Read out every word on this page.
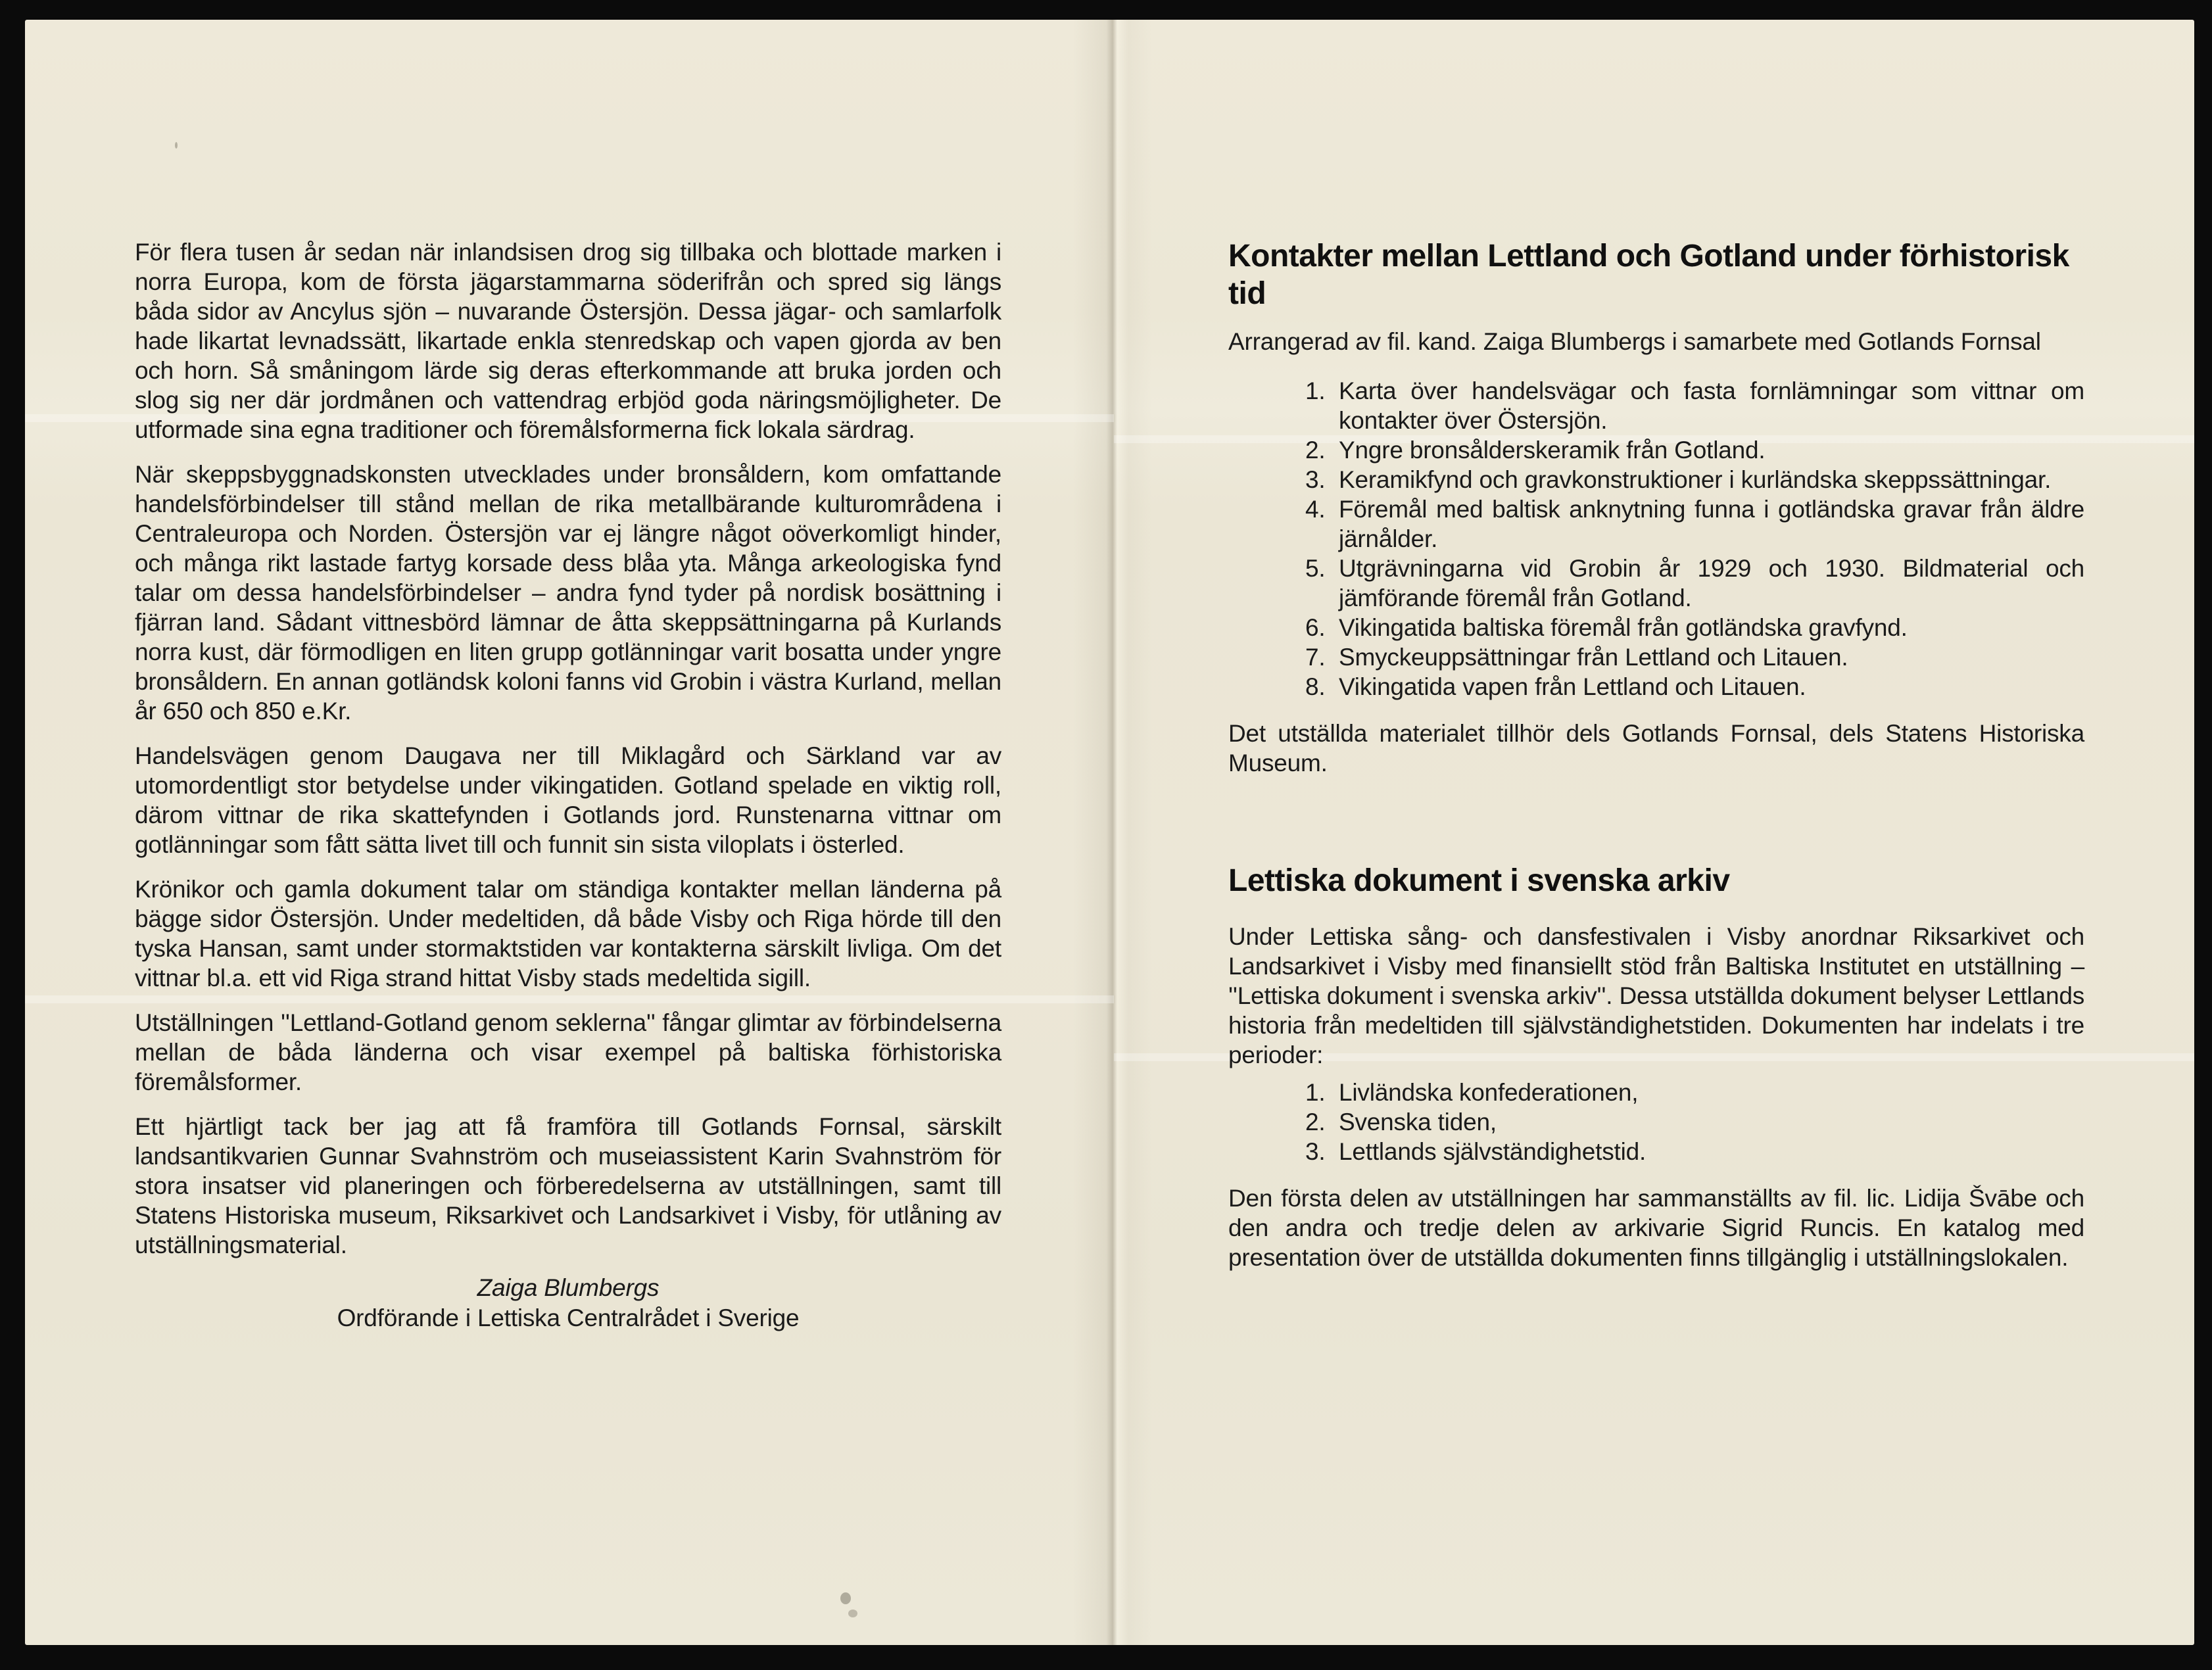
För flera tusen år sedan när inlandsisen drog sig tillbaka och blottade marken i norra Europa, kom de första jägarstammarna söderifrån och spred sig längs båda sidor av Ancylus sjön – nuvarande Östersjön. Dessa jägar- och samlarfolk hade likartat levnadssätt, likartade enkla stenredskap och vapen gjorda av ben och horn. Så småningom lärde sig deras efterkommande att bruka jorden och slog sig ner där jordmånen och vattendrag erbjöd goda näringsmöjligheter. De utformade sina egna traditioner och föremålsformerna fick lokala särdrag.

När skeppsbyggnadskonsten utvecklades under bronsåldern, kom omfattande handelsförbindelser till stånd mellan de rika metallbärande kulturområdena i Centraleuropa och Norden. Östersjön var ej längre något oöverkomligt hinder, och många rikt lastade fartyg korsade dess blåa yta. Många arkeologiska fynd talar om dessa handelsförbindelser – andra fynd tyder på nordisk bosättning i fjärran land. Sådant vittnesbörd lämnar de åtta skeppsättningarna på Kurlands norra kust, där förmodligen en liten grupp gotlänningar varit bosatta under yngre bronsåldern. En annan gotländsk koloni fanns vid Grobin i västra Kurland, mellan år 650 och 850 e.Kr.

Handelsvägen genom Daugava ner till Miklagård och Särkland var av utomordentligt stor betydelse under vikingatiden. Gotland spelade en viktig roll, därom vittnar de rika skattefynden i Gotlands jord. Runstenarna vittnar om gotlänningar som fått sätta livet till och funnit sin sista viloplats i österled.

Krönikor och gamla dokument talar om ständiga kontakter mellan länderna på bägge sidor Östersjön. Under medeltiden, då både Visby och Riga hörde till den tyska Hansan, samt under stormaktstiden var kontakterna särskilt livliga. Om det vittnar bl.a. ett vid Riga strand hittat Visby stads medeltida sigill.

Utställningen ''Lettland-Gotland genom seklerna'' fångar glimtar av förbindelserna mellan de båda länderna och visar exempel på baltiska förhistoriska föremålsformer.

Ett hjärtligt tack ber jag att få framföra till Gotlands Fornsal, särskilt landsantikvarien Gunnar Svahnström och museiassistent Karin Svahnström för stora insatser vid planeringen och förberedelserna av utställningen, samt till Statens Historiska museum, Riksarkivet och Landsarkivet i Visby, för utlåning av utställningsmaterial.

Zaiga Blumbergs
Ordförande i Lettiska Centralrådet i Sverige
Kontakter mellan Lettland och Gotland under förhistorisk tid

Arrangerad av fil. kand. Zaiga Blumbergs i samarbete med Gotlands Fornsal

1. Karta över handelsvägar och fasta fornlämningar som vittnar om kontakter över Östersjön.
2. Yngre bronsålderskeramik från Gotland.
3. Keramikfynd och gravkonstruktioner i kurländska skeppssättningar.
4. Föremål med baltisk anknytning funna i gotländska gravar från äldre järnålder.
5. Utgrävningarna vid Grobin år 1929 och 1930. Bildmaterial och jämförande föremål från Gotland.
6. Vikingatida baltiska föremål från gotländska gravfynd.
7. Smyckeuppsättningar från Lettland och Litauen.
8. Vikingatida vapen från Lettland och Litauen.

Det utställda materialet tillhör dels Gotlands Fornsal, dels Statens Historiska Museum.

Lettiska dokument i svenska arkiv

Under Lettiska sång- och dansfestivalen i Visby anordnar Riksarkivet och Landsarkivet i Visby med finansiellt stöd från Baltiska Institutet en utställning – ''Lettiska dokument i svenska arkiv''. Dessa utställda dokument belyser Lettlands historia från medeltiden till självständighetstiden. Dokumenten har indelats i tre perioder:

1. Livländska konfederationen,
2. Svenska tiden,
3. Lettlands självständighetstid.

Den första delen av utställningen har sammanställts av fil. lic. Lidija Švābe och den andra och tredje delen av arkivarie Sigrid Runcis. En katalog med presentation över de utställda dokumenten finns tillgänglig i utställningslokalen.
